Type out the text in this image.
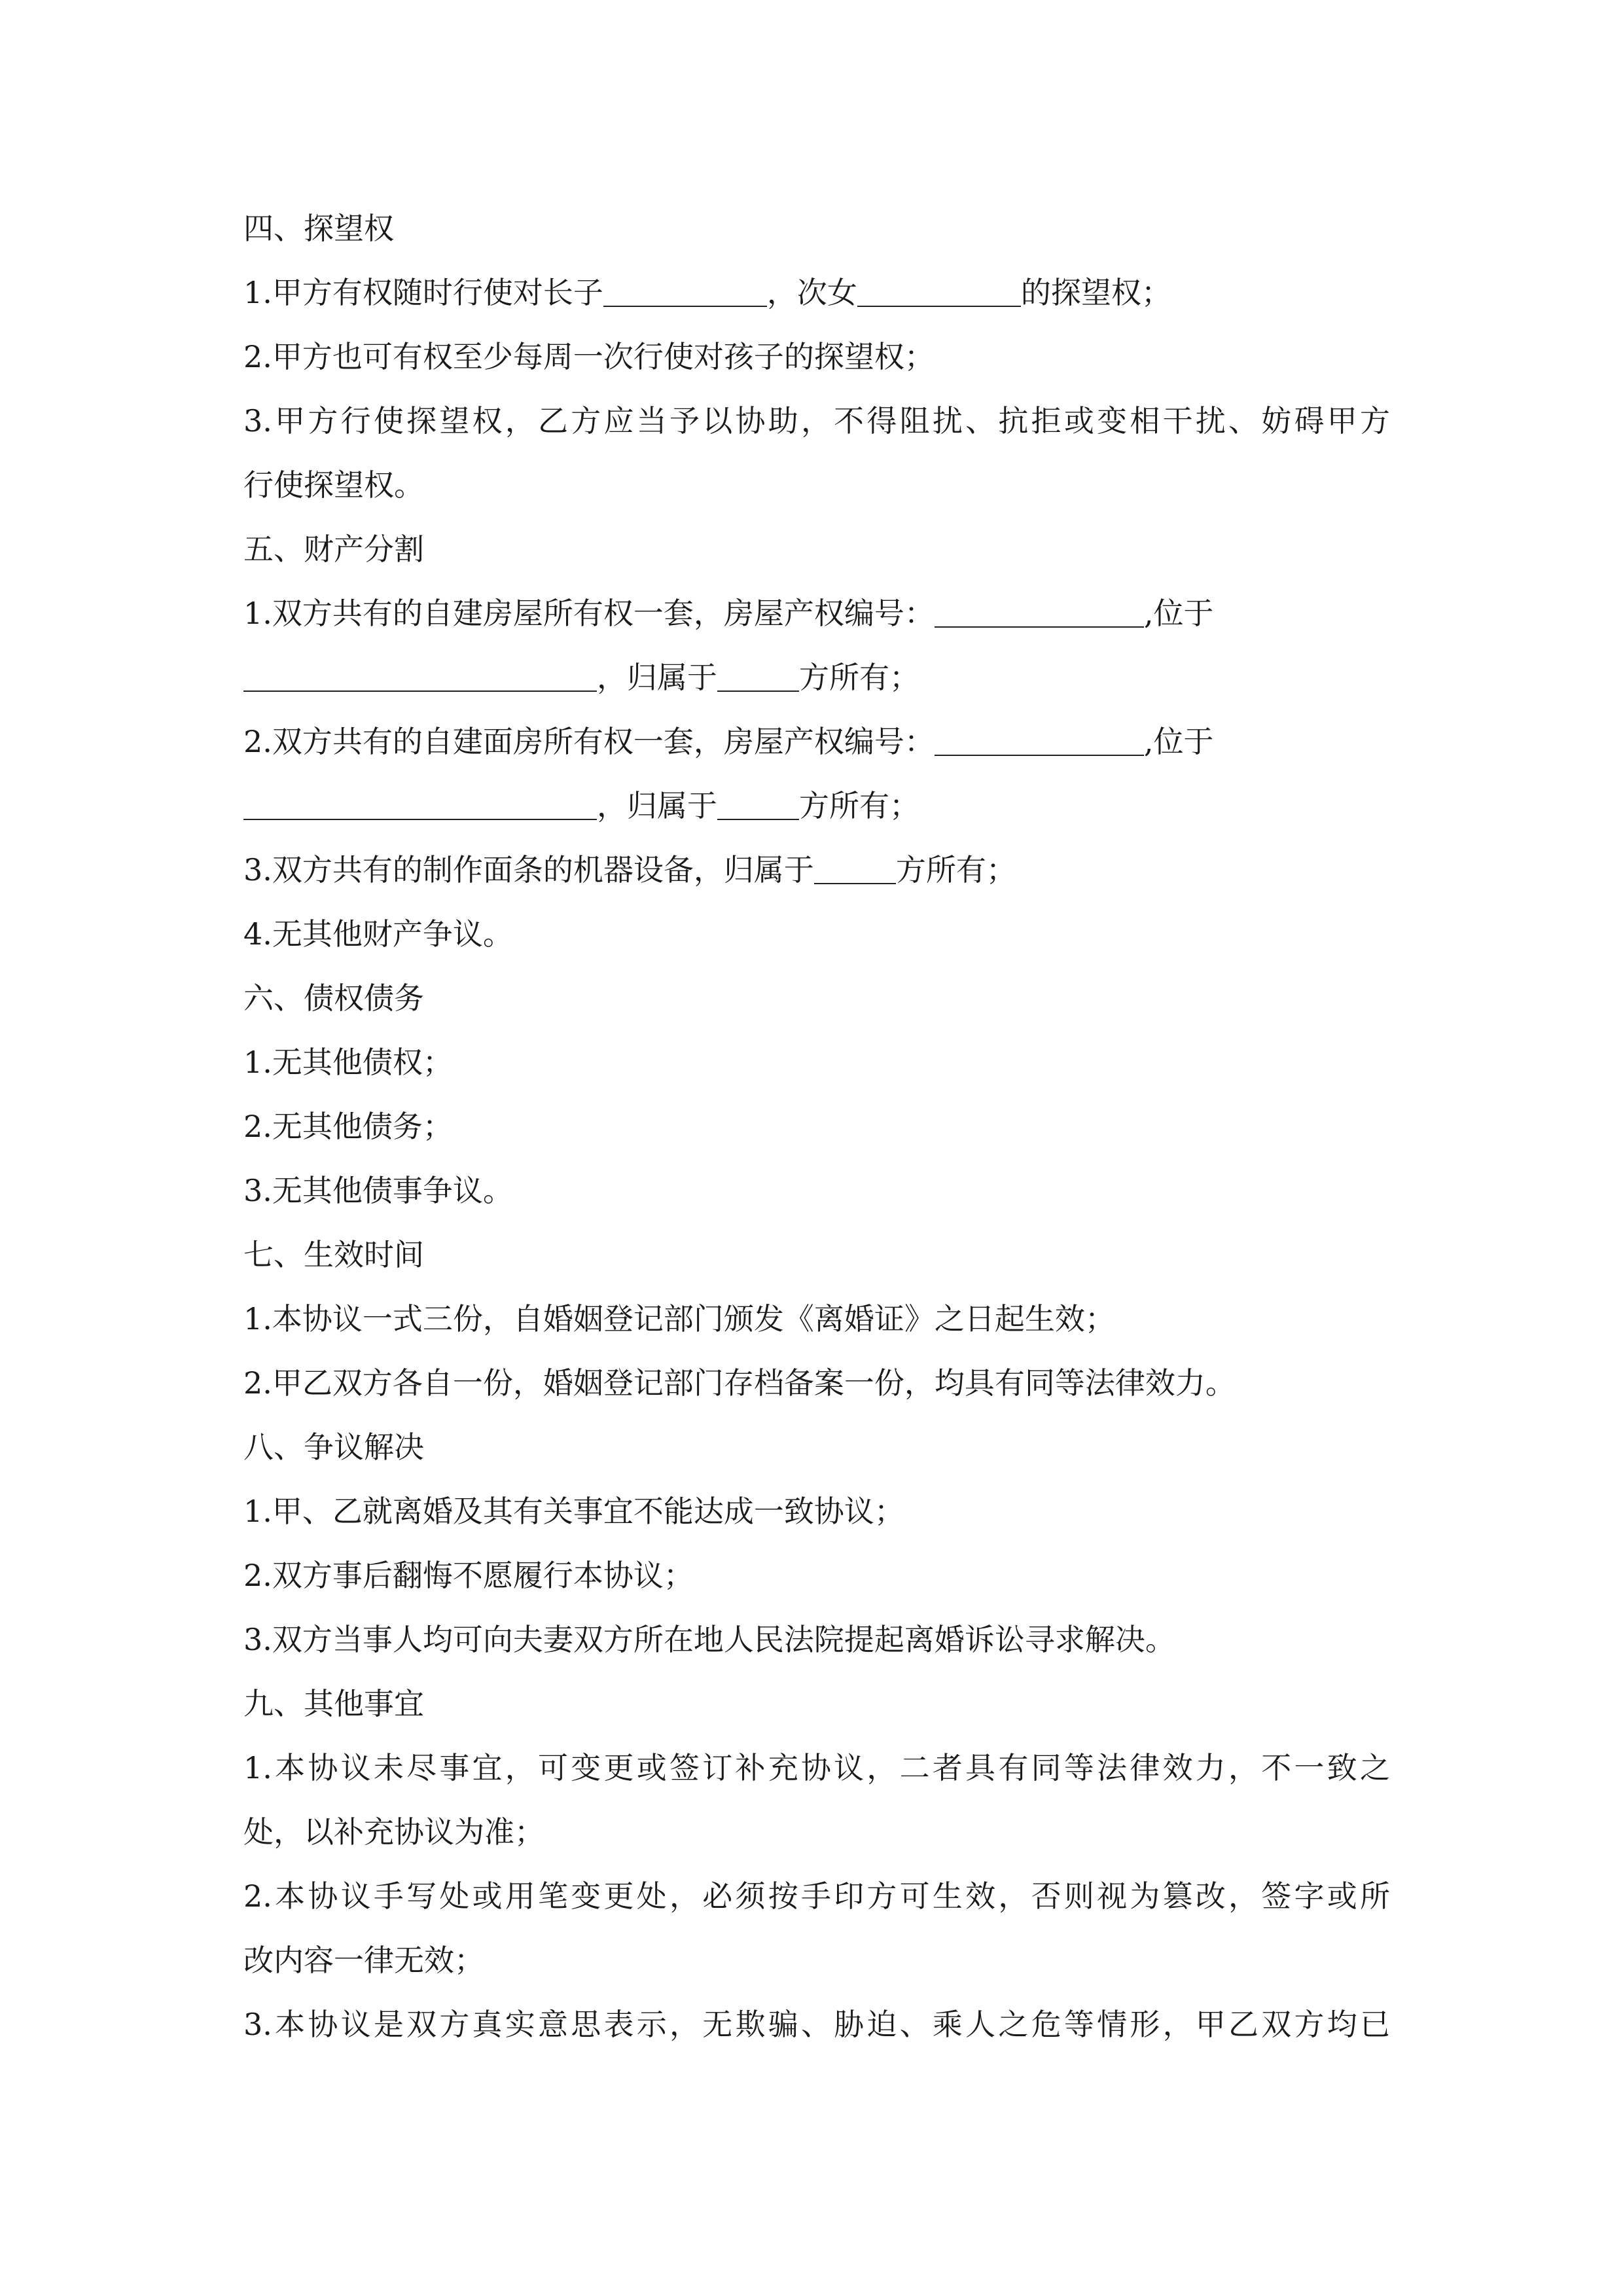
四、探望权
1.甲方有权随时行使对长子	，次女	的探望权；
2.甲方也可有权至少每周一次行使对孩子的探望权；
3.甲方行使探望权，乙方应当予以协助，不得阻扰、抗拒或变相干扰、妨碍甲方
行使探望权。
五、财产分割
1.双方共有的自建房屋所有权一套，房屋产权编号：	,位于
，归属于	方所有；
2.双方共有的自建面房所有权一套，房屋产权编号：	,位于
，归属于	方所有；
3.双方共有的制作面条的机器设备，归属于	方所有；
4.无其他财产争议。
六、债权债务
1.无其他债权；
2.无其他债务；
3.无其他债事争议。
七、生效时间
1.本协议一式三份，自婚姻登记部门颁发《离婚证》之日起生效；
2.甲乙双方各自一份，婚姻登记部门存档备案一份，均具有同等法律效力。
八、争议解决
1.甲、乙就离婚及其有关事宜不能达成一致协议；
2.双方事后翻悔不愿履行本协议；
3.双方当事人均可向夫妻双方所在地人民法院提起离婚诉讼寻求解决。
九、其他事宜
1.本协议未尽事宜，可变更或签订补充协议，二者具有同等法律效力，不一致之
处，以补充协议为准；
2.本协议手写处或用笔变更处，必须按手印方可生效，否则视为篡改，签字或所
改内容一律无效；
3.本协议是双方真实意思表示，无欺骗、胁迫、乘人之危等情形，甲乙双方均已
